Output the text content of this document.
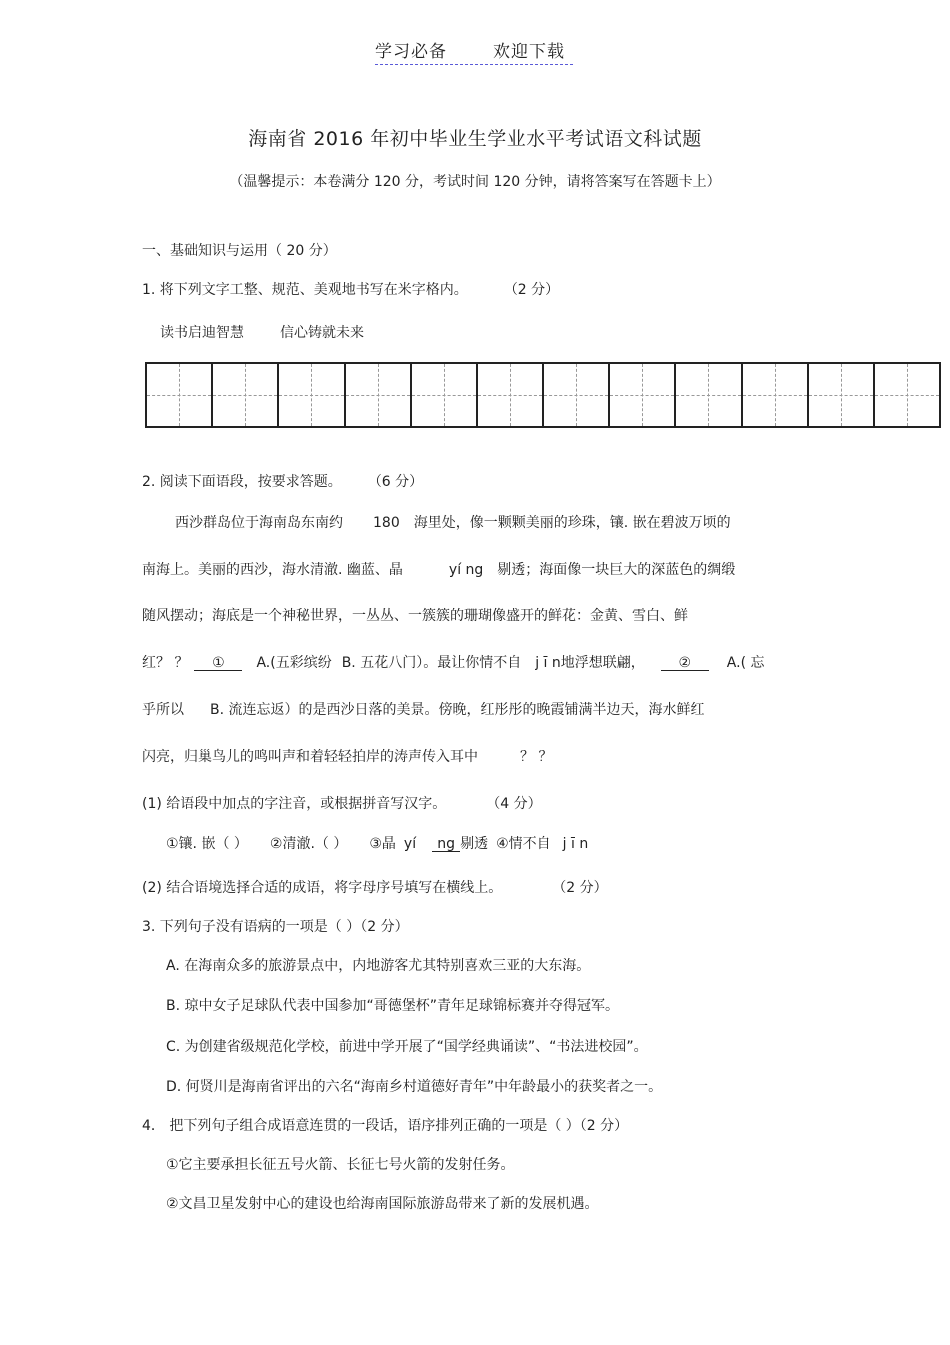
学习必备	欢迎下载
海南省 2016 年初中毕业生学业水平考试语文科试题
（温馨提示：本卷满分 120 分，考试时间 120 分钟，请将答案写在答题卡上）
一、基础知识与运用（ 20 分）
1. 将下列文字工整、规范、美观地书写在米字格内。	（2 分）
读书启迪智慧	信心铸就未来
2. 阅读下面语段，按要求答题。 （6 分）
西沙群岛位于海南岛东南约 180 海里处，像一颗颗美丽的珍珠，镶. 嵌在碧波万顷的
南海上。美丽的西沙，海水清澈. 幽蓝、晶	yí ng 剔透；海面像一块巨大的深蓝色的绸缎
随风摆动；海底是一个神秘世界，一丛丛、一簇簇的珊瑚像盛开的鲜花：金黄、雪白、鲜
红？ ？ ① A.(五彩缤纷 B. 五花八门）。最让你情不自 j ī n地浮想联翩， ②	A.( 忘
乎所以 B. 流连忘返）的是西沙日落的美景。傍晚，红彤彤的晚霞铺满半边天，海水鲜红
闪亮，归巢鸟儿的鸣叫声和着轻轻拍岸的涛声传入耳中	？ ？
(1) 给语段中加点的字注音，或根据拼音写汉字。	（4 分）
①镶. 嵌（ ） ②清澈.（ ） ③晶 yí ng 剔透 ④情不自 j ī n
(2) 结合语境选择合适的成语，将字母序号填写在横线上。	（2 分）
3. 下列句子没有语病的一项是（ ）（2 分）
A. 在海南众多的旅游景点中，内地游客尤其特别喜欢三亚的大东海。
B. 琼中女子足球队代表中国参加“哥德堡杯”青年足球锦标赛并夺得冠军。
C. 为创建省级规范化学校，前进中学开展了“国学经典诵读”、“书法进校园”。
D. 何贤川是海南省评出的六名“海南乡村道德好青年”中年龄最小的获奖者之一。
4． 把下列句子组合成语意连贯的一段话，语序排列正确的一项是（ ）（2 分）
①它主要承担长征五号火箭、长征七号火箭的发射任务。
②文昌卫星发射中心的建设也给海南国际旅游岛带来了新的发展机遇。
